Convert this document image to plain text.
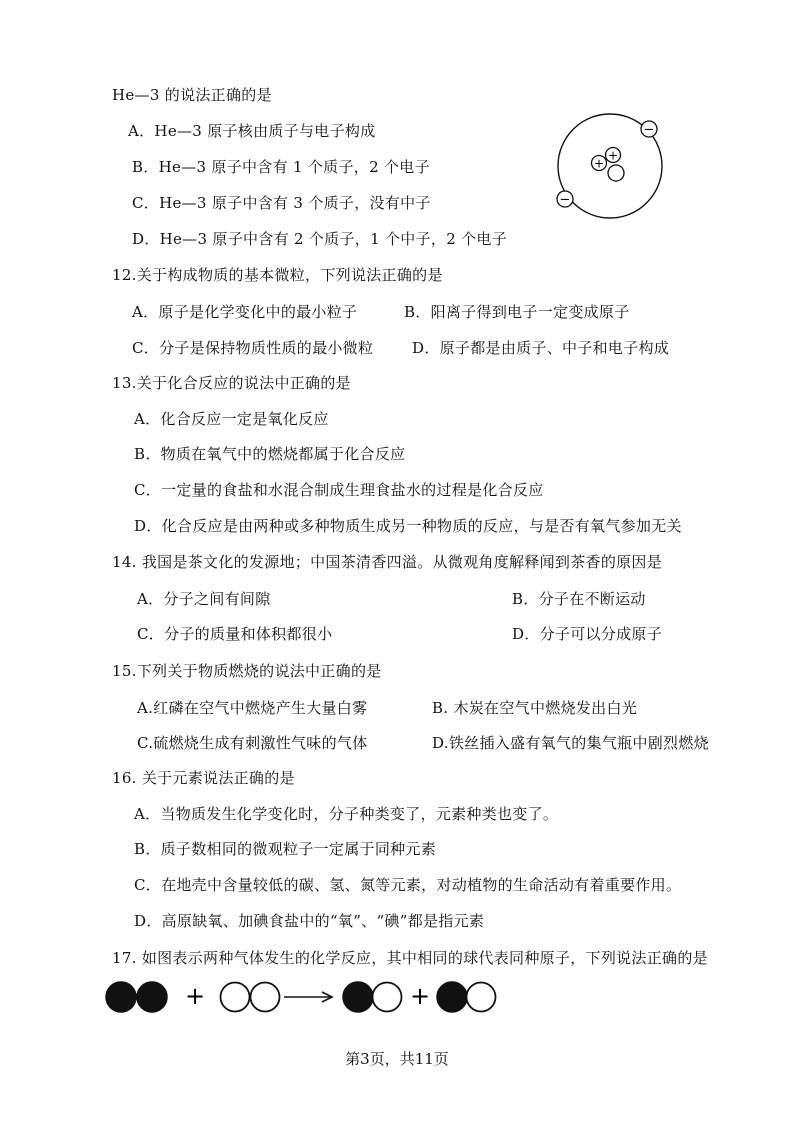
He—3 的说法正确的是
A．He—3 原子核由质子与电子构成
B．He—3 原子中含有 1 个质子，2 个电子
C．He—3 原子中含有 3 个质子，没有中子
D．He—3 原子中含有 2 个质子，1 个中子，2 个电子
−
−
+
+
12.关于构成物质的基本微粒，下列说法正确的是
A．原子是化学变化中的最小粒子	B．阳离子得到电子一定变成原子
C．分子是保持物质性质的最小微粒	D．原子都是由质子、中子和电子构成
13.关于化合反应的说法中正确的是
A．化合反应一定是氧化反应
B．物质在氧气中的燃烧都属于化合反应
C．一定量的食盐和水混合制成生理食盐水的过程是化合反应
D．化合反应是由两种或多种物质生成另一种物质的反应，与是否有氧气参加无关
14. 我国是茶文化的发源地；中国茶清香四溢。从微观角度解释闻到茶香的原因是
A．分子之间有间隙	B．分子在不断运动
C．分子的质量和体积都很小	D．分子可以分成原子
15.下列关于物质燃烧的说法中正确的是
A.红磷在空气中燃烧产生大量白雾	B. 木炭在空气中燃烧发出白光
C.硫燃烧生成有刺激性气味的气体	D.铁丝插入盛有氧气的集气瓶中剧烈燃烧
16. 关于元素说法正确的是
A．当物质发生化学变化时，分子种类变了，元素种类也变了。
B．质子数相同的微观粒子一定属于同种元素
C．在地壳中含量较低的碳、氢、氮等元素，对动植物的生命活动有着重要作用。
D．高原缺氧、加碘食盐中的“氧”、“碘”都是指元素
17. 如图表示两种气体发生的化学反应，其中相同的球代表同种原子，下列说法正确的是
+	+
第3页，共11页
